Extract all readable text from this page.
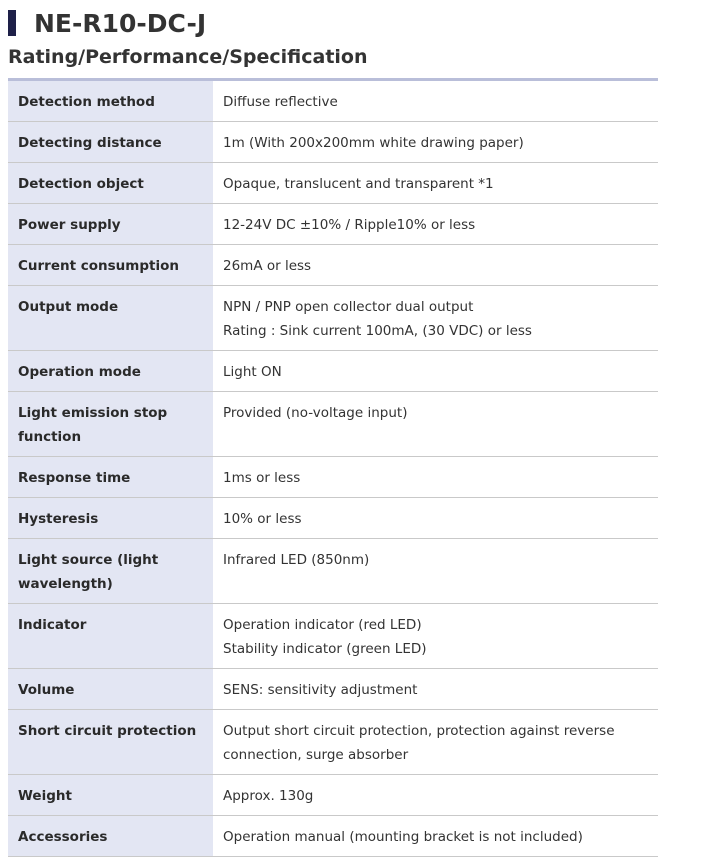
NE-R10-DC-J
Rating/Performance/Specification
Detection method	Diffuse reflective

Detecting distance	1m (With 200x200mm white drawing paper)

Detection object	Opaque, translucent and transparent *1

Power supply	12-24V DC ±10% / Ripple10% or less

Current consumption	26mA or less

Output mode	NPN / PNP open collector dual output
Rating : Sink current 100mA, (30 VDC) or less

Operation mode	Light ON

Light emission stop function	Provided (no-voltage input)

Response time	1ms or less

Hysteresis	10% or less

Light source (light wavelength)	Infrared LED (850nm)

Indicator	Operation indicator (red LED)
Stability indicator (green LED)

Volume	SENS: sensitivity adjustment

Short circuit protection	Output short circuit protection, protection against reverse connection, surge absorber

Weight	Approx. 130g

Accessories	Operation manual (mounting bracket is not included)
